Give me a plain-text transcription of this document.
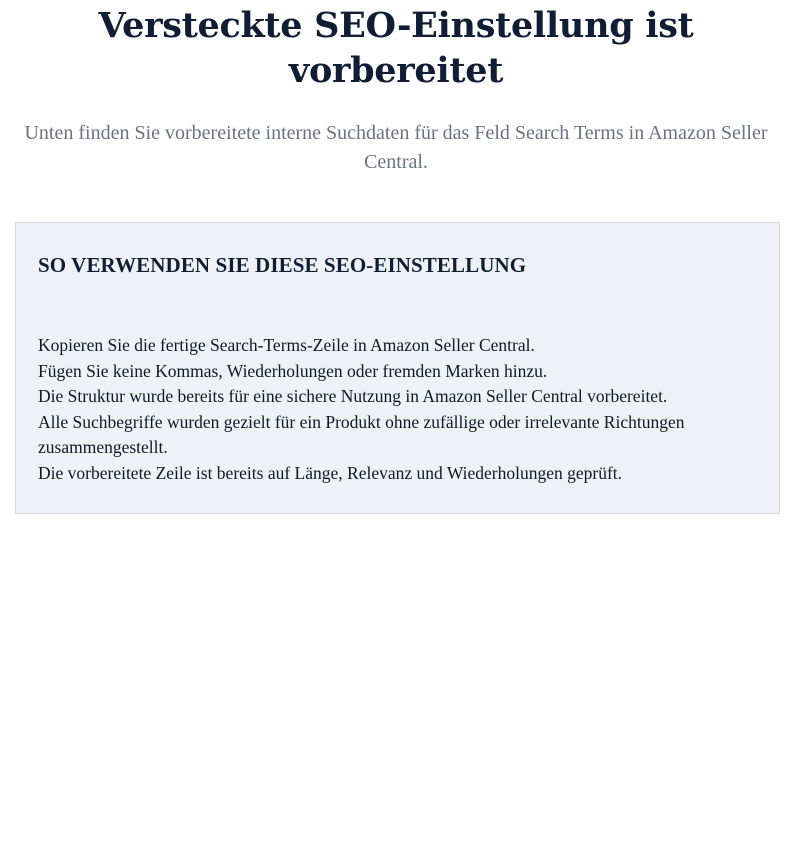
Versteckte SEO-Einstellung ist vorbereitet

Unten finden Sie vorbereitete interne Suchdaten für das Feld Search Terms in Amazon Seller Central.

SO VERWENDEN SIE DIESE SEO-EINSTELLUNG
Kopieren Sie die fertige Search-Terms-Zeile in Amazon Seller Central.
Fügen Sie keine Kommas, Wiederholungen oder fremden Marken hinzu.
Die Struktur wurde bereits für eine sichere Nutzung in Amazon Seller Central vorbereitet.
Alle Suchbegriffe wurden gezielt für ein Produkt ohne zufällige oder irrelevante Richtungen zusammengestellt.
Die vorbereitete Zeile ist bereits auf Länge, Relevanz und Wiederholungen geprüft.
